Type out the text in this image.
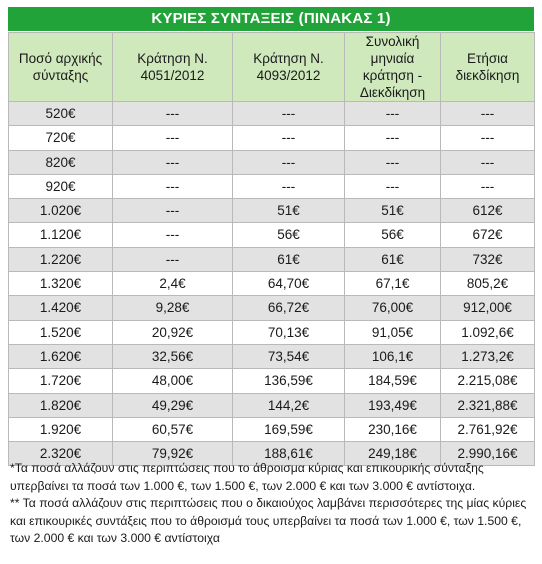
ΚΥΡΙΕΣ ΣΥΝΤΑΞΕΙΣ (ΠΙΝΑΚΑΣ 1)
Ποσό αρχικής σύνταξης	Κράτηση Ν. 4051/2012	Κράτηση Ν. 4093/2012	Συνολική μηνιαία κράτηση - Διεκδίκηση	Ετήσια διεκδίκηση
520€	---	---	---	---
720€	---	---	---	---
820€	---	---	---	---
920€	---	---	---	---
1.020€	---	51€	51€	612€
1.120€	---	56€	56€	672€
1.220€	---	61€	61€	732€
1.320€	2,4€	64,70€	67,1€	805,2€
1.420€	9,28€	66,72€	76,00€	912,00€
1.520€	20,92€	70,13€	91,05€	1.092,6€
1.620€	32,56€	73,54€	106,1€	1.273,2€
1.720€	48,00€	136,59€	184,59€	2.215,08€
1.820€	49,29€	144,2€	193,49€	2.321,88€
1.920€	60,57€	169,59€	230,16€	2.761,92€
2.320€	79,92€	188,61€	249,18€	2.990,16€

*Τα ποσά αλλάζουν στις περιπτώσεις που το άθροισμα κύριας και επικουρικής σύνταξης υπερβαίνει τα ποσά των 1.000 €, των 1.500 €, των 2.000 € και των 3.000 € αντίστοιχα.

** Τα ποσά αλλάζουν στις περιπτώσεις που ο δικαιούχος λαμβάνει περισσότερες της μίας κύριες και επικουρικές συντάξεις που το άθροισμά τους υπερβαίνει τα ποσά των 1.000 €, των 1.500 €, των 2.000 € και των 3.000 € αντίστοιχα
